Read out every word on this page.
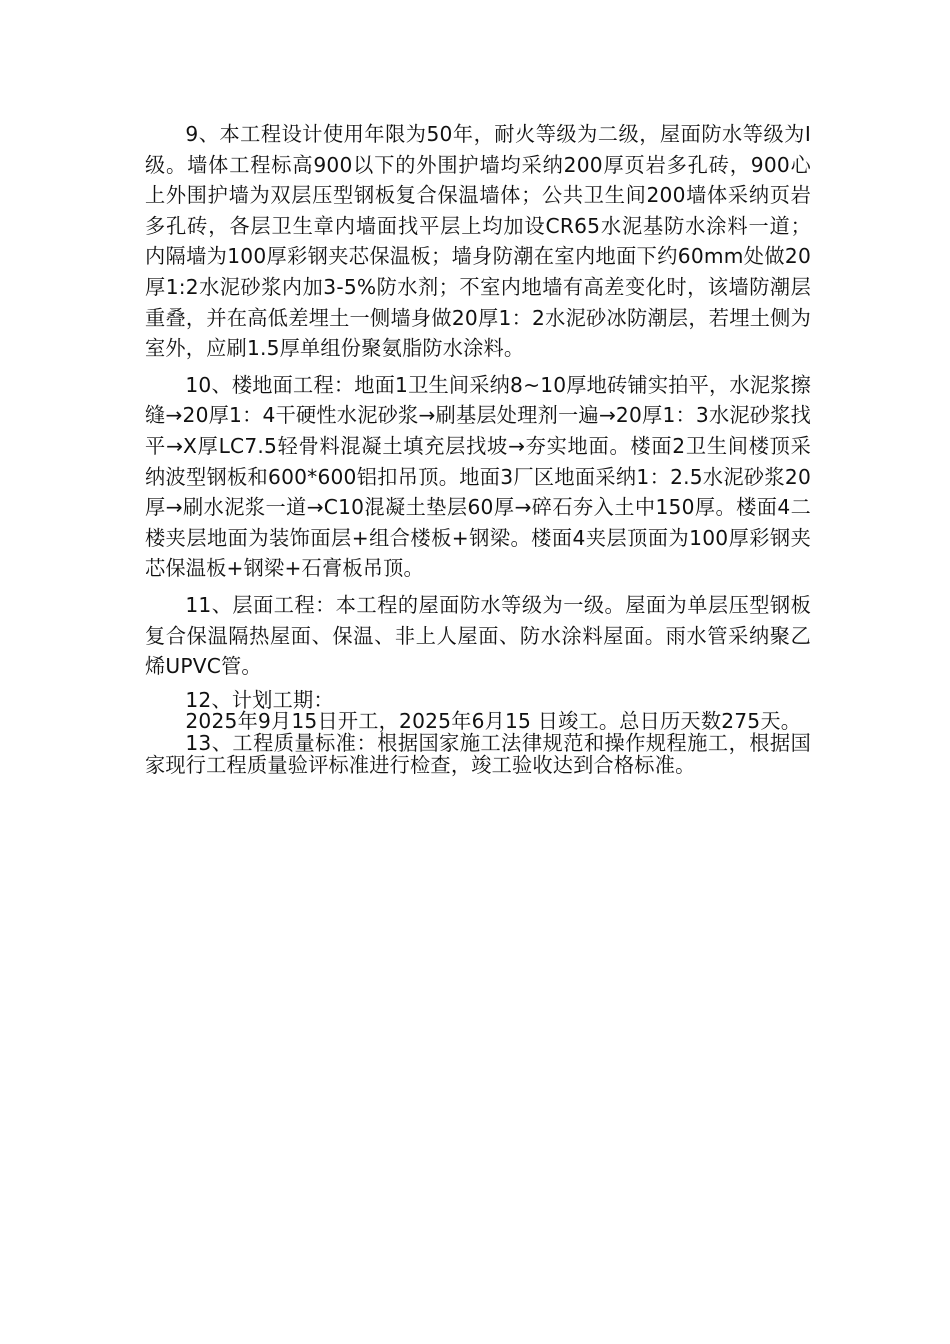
9、本工程设计使用年限为50年，耐火等级为二级，屋面防水等级为Ⅰ级。墙体工程标高900以下的外围护墙均采纳200厚页岩多孔砖，900心上外围护墙为双层压型钢板复合保温墙体；公共卫生间200墙体采纳页岩多孔砖，各层卫生章内墙面找平层上均加设CR65水泥基防水涂料一道；内隔墙为100厚彩钢夹芯保温板；墙身防潮在室内地面下约60mm处做20厚1:2水泥砂浆内加3-5%防水剂；不室内地墙有高差变化时，该墙防潮层重叠，并在高低差埋土一侧墙身做20厚1：2水泥砂冰防潮层，若埋土侧为室外，应刷1.5厚单组份聚氨脂防水涂料。

10、楼地面工程：地面1卫生间采纳8~10厚地砖铺实拍平，水泥浆擦缝→20厚1：4干硬性水泥砂浆→刷基层处理剂一遍→20厚1：3水泥砂浆找平→X厚LC7.5轻骨料混凝土填充层找坡→夯实地面。楼面2卫生间楼顶采纳波型钢板和600*600铝扣吊顶。地面3厂区地面采纳1：2.5水泥砂浆20厚→刷水泥浆一道→C10混凝土垫层60厚→碎石夯入土中150厚。楼面4二楼夹层地面为装饰面层+组合楼板+钢梁。楼面4夹层顶面为100厚彩钢夹芯保温板+钢梁+石膏板吊顶。

11、层面工程：本工程的屋面防水等级为一级。屋面为单层压型钢板复合保温隔热屋面、保温、非上人屋面、防水涂料屋面。雨水管采纳聚乙烯UPVC管。

12、计划工期：

2025年9月15日开工，2025年6月15 日竣工。总日历天数275天。

13、工程质量标准：根据国家施工法律规范和操作规程施工，根据国家现行工程质量验评标准进行检查，竣工验收达到合格标准。
